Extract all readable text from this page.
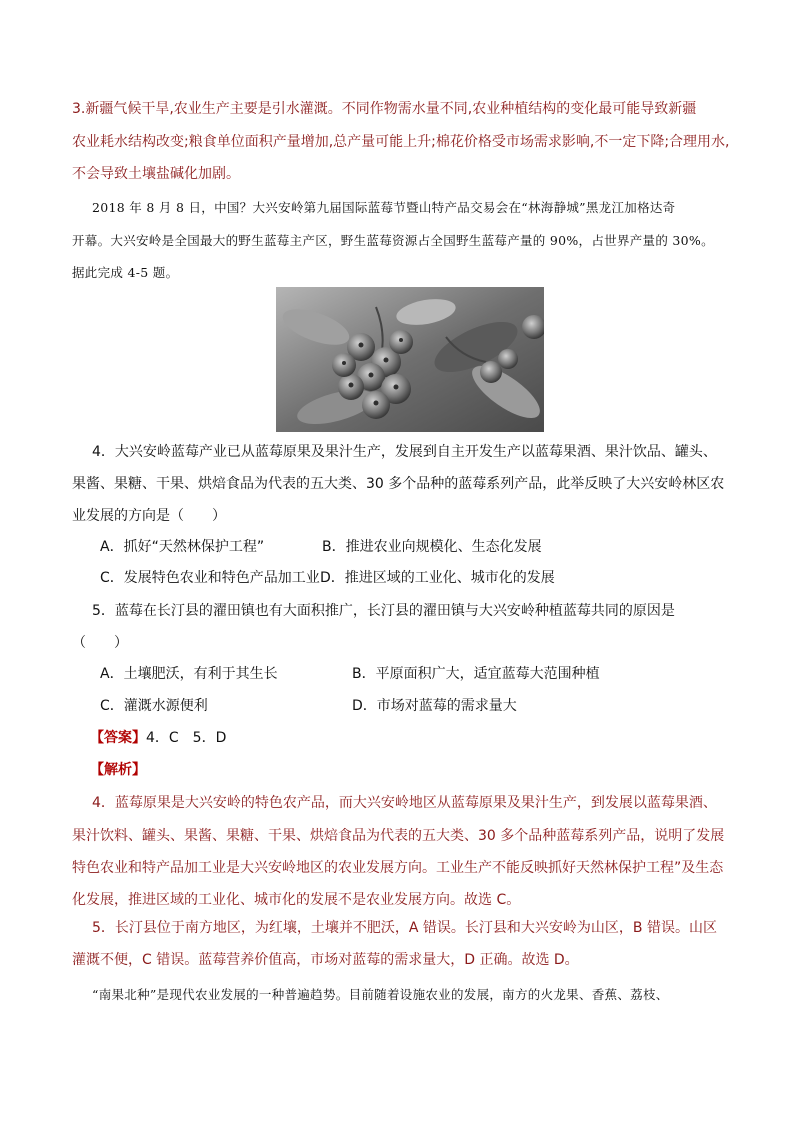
3.新疆气候干旱,农业生产主要是引水灌溉。不同作物需水量不同,农业种植结构的变化最可能导致新疆
农业耗水结构改变;粮食单位面积产量增加,总产量可能上升;棉花价格受市场需求影响,不一定下降;合理用水,
不会导致土壤盐碱化加剧。
2018 年 8 月 8 日，中国？大兴安岭第九届国际蓝莓节暨山特产品交易会在“林海静城”黑龙江加格达奇
开幕。大兴安岭是全国最大的野生蓝莓主产区，野生蓝莓资源占全国野生蓝莓产量的 90%，占世界产量的 30%。
据此完成 4-5 题。
4．大兴安岭蓝莓产业已从蓝莓原果及果汁生产，发展到自主开发生产以蓝莓果酒、果汁饮品、罐头、
果酱、果糖、干果、烘焙食品为代表的五大类、30 多个品种的蓝莓系列产品，此举反映了大兴安岭林区农
业发展的方向是（　　）
A．抓好“天然林保护工程”	B．推进农业向规模化、生态化发展
C．发展特色农业和特色产品加工业 D．推进区域的工业化、城市化的发展
5．蓝莓在长汀县的濯田镇也有大面积推广，长汀县的濯田镇与大兴安岭种植蓝莓共同的原因是
（　　）
A．土壤肥沃，有利于其生长	B．平原面积广大，适宜蓝莓大范围种植
C．灌溉水源便利	D．市场对蓝莓的需求量大
【答案】4．C　5．D
【解析】
4．蓝莓原果是大兴安岭的特色农产品，而大兴安岭地区从蓝莓原果及果汁生产，到发展以蓝莓果酒、
果汁饮料、罐头、果酱、果糖、干果、烘焙食品为代表的五大类、30 多个品种蓝莓系列产品，说明了发展
特色农业和特产品加工业是大兴安岭地区的农业发展方向。工业生产不能反映抓好天然林保护工程”及生态
化发展，推进区域的工业化、城市化的发展不是农业发展方向。故选 C。
5．长汀县位于南方地区，为红壤，土壤并不肥沃，A 错误。长汀县和大兴安岭为山区，B 错误。山区
灌溉不便，C 错误。蓝莓营养价值高，市场对蓝莓的需求量大，D 正确。故选 D。
“南果北种”是现代农业发展的一种普遍趋势。目前随着设施农业的发展，南方的火龙果、香蕉、荔枝、
